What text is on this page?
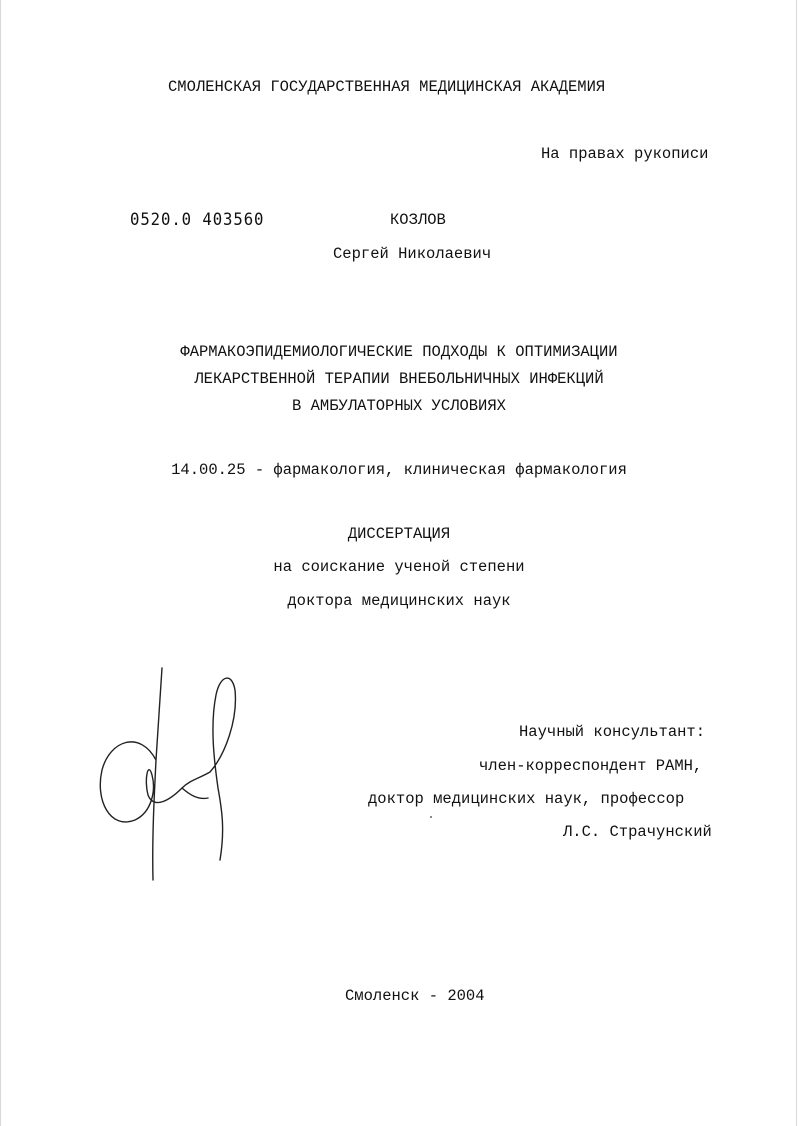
СМОЛЕНСКАЯ ГОСУДАРСТВЕННАЯ МЕДИЦИНСКАЯ АКАДЕМИЯ
На правах рукописи
0520.0 403560	КОЗЛОВ
Сергей Николаевич
ФАРМАКОЭПИДЕМИОЛОГИЧЕСКИЕ ПОДХОДЫ К ОПТИМИЗАЦИИ
ЛЕКАРСТВЕННОЙ ТЕРАПИИ ВНЕБОЛЬНИЧНЫХ ИНФЕКЦИЙ
В АМБУЛАТОРНЫХ УСЛОВИЯХ
14.00.25 - фармакология, клиническая фармакология
ДИССЕРТАЦИЯ
на соискание ученой степени
доктора медицинских наук
Научный консультант:
член-корреспондент РАМН,
доктор медицинских наук, профессор
Л.С. Страчунский
Смоленск - 2004
